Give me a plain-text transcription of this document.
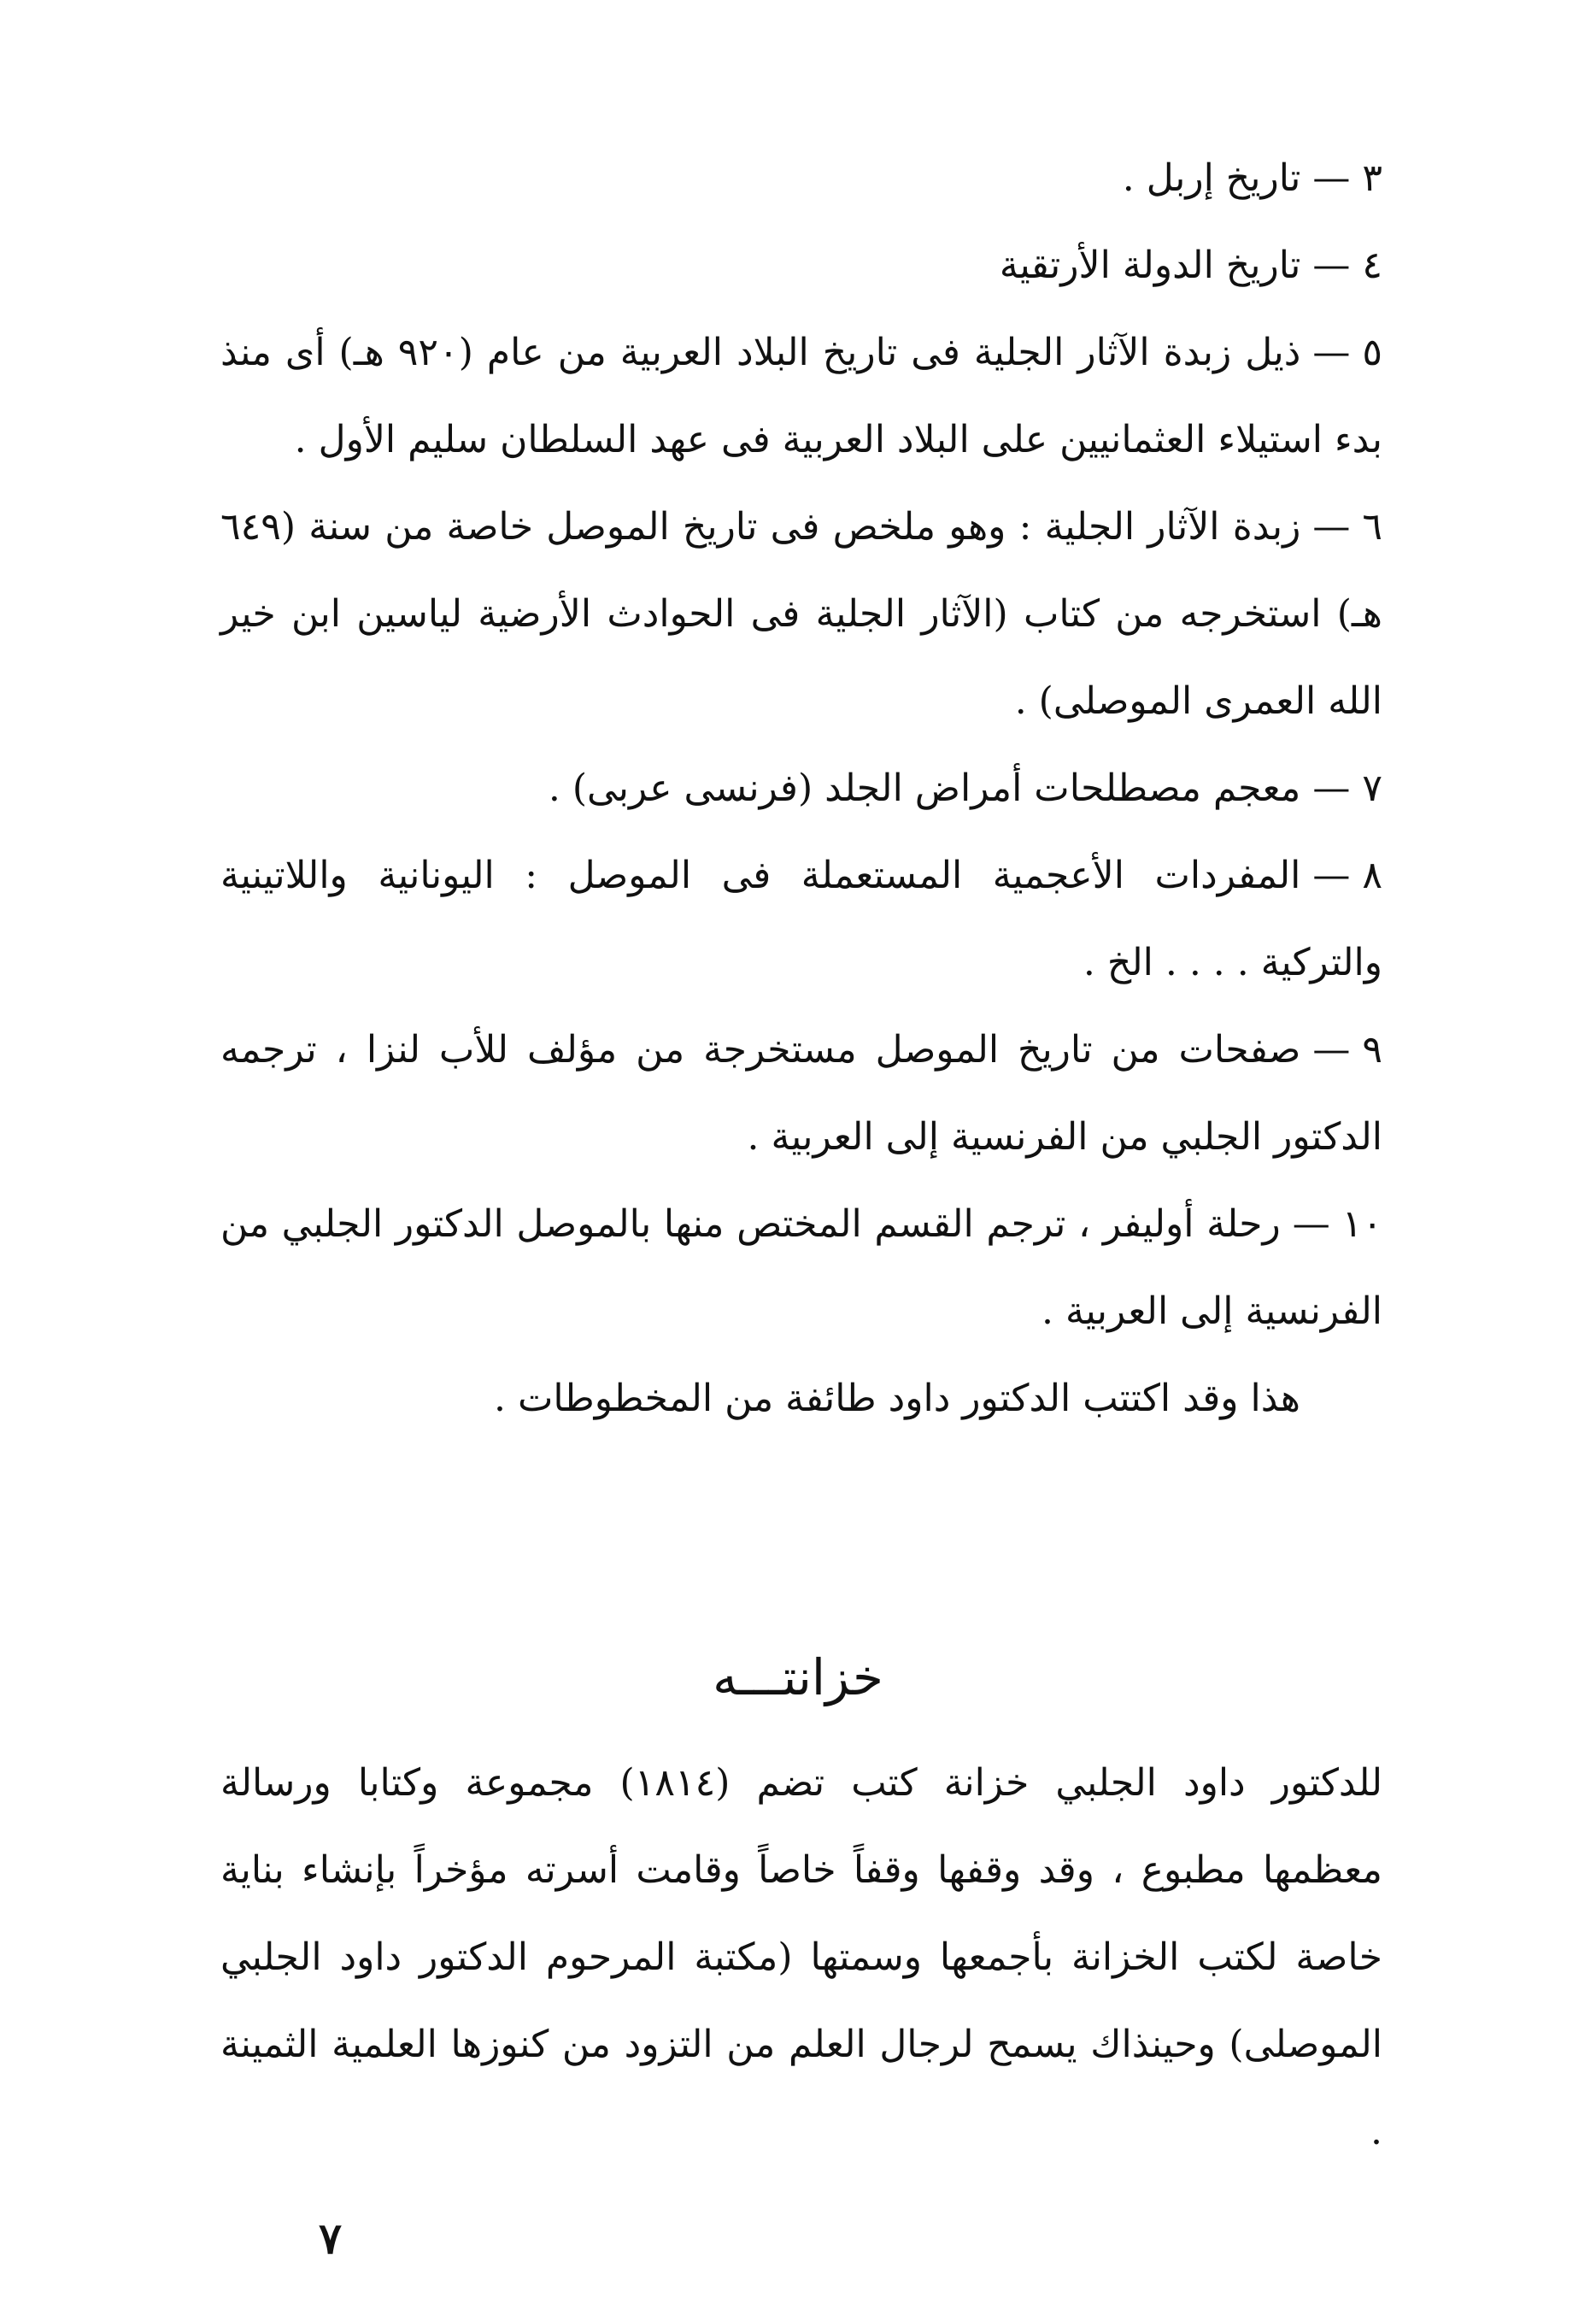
٣—تاريخ إربل .

٤—تاريخ الدولة الأرتقية

٥—ذيل زبدة الآثار الجلية فى تاريخ البلاد العربية من عام (٩٢٠ هـ) أى منذ بدء استيلاء العثمانيين على البلاد العربية فى عهد السلطان سليم الأول .

٦—زبدة الآثار الجلية : وهو ملخص فى تاريخ الموصل خاصة من سنة (٦٤٩ هـ) استخرجه من كتاب (الآثار الجلية فى الحوادث الأرضية لياسين ابن خير الله العمرى الموصلى) .

٧—معجم مصطلحات أمراض الجلد (فرنسى عربى) .

٨—المفردات الأعجمية المستعملة فى الموصل : اليونانية واللاتينية والتركية . . . . الخ .

٩—صفحات من تاريخ الموصل مستخرجة من مؤلف للأب لنزا ، ترجمه الدكتور الجلبي من الفرنسية إلى العربية .

١٠—رحلة أوليفر ، ترجم القسم المختص منها بالموصل الدكتور الجلبي من الفرنسية إلى العربية .

هذا وقد اكتتب الدكتور داود طائفة من المخطوطات .

خزانتـــه

للدكتور داود الجلبي خزانة كتب تضم (١٨١٤) مجموعة وكتابا ورسالة معظمها مطبوع ، وقد وقفها وقفاً خاصاً وقامت أسرته مؤخراً بإنشاء بناية خاصة لكتب الخزانة بأجمعها وسمتها (مكتبة المرحوم الدكتور داود الجلبي الموصلى) وحينذاك يسمح لرجال العلم من التزود من كنوزها العلمية الثمينة .

٧
